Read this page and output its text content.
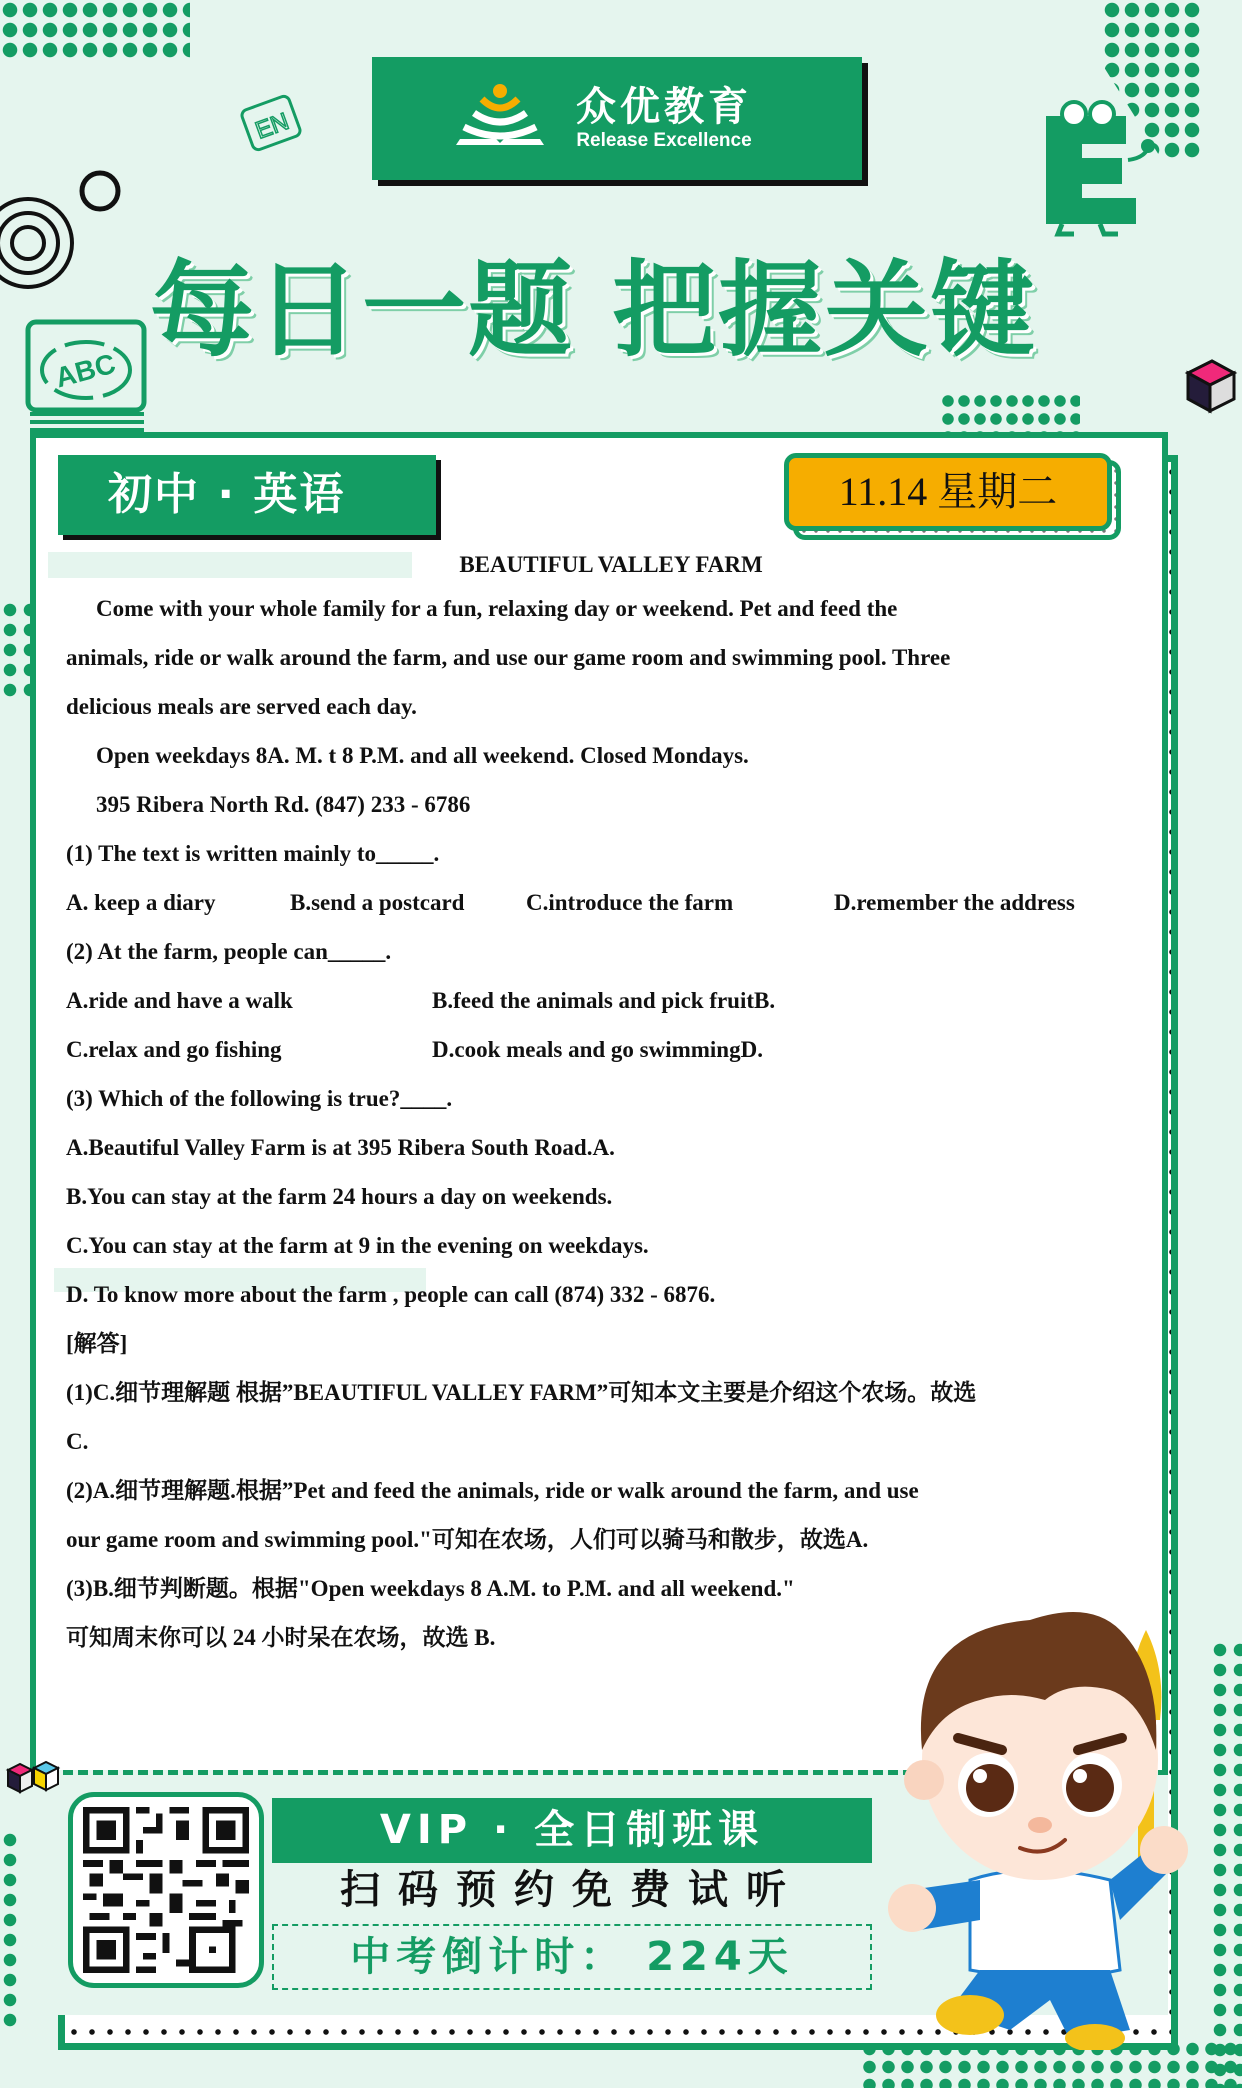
EN
ABC
众优教育
Release Excellence
每日一题 把握关键
初中 · 英语	11.14 星期二
BEAUTIFUL VALLEY FARM
Come with your whole family for a fun, relaxing day or weekend. Pet and feed the
animals, ride or walk around the farm, and use our game room and swimming pool. Three
delicious meals are served each day.
Open weekdays 8A. M. t 8 P.M. and all weekend. Closed Mondays.
395 Ribera North Rd. (847) 233 - 6786
(1) The text is written mainly to_____.
A. keep a diary	B.send a postcard	C.introduce the farm	D.remember the address
(2) At the farm, people can_____.
A.ride and have a walk	B.feed the animals and pick fruitB.
C.relax and go fishing	D.cook meals and go swimmingD.
(3) Which of the following is true?____.
A.Beautiful Valley Farm is at 395 Ribera South Road.A.
B.You can stay at the farm 24 hours a day on weekends.
C.You can stay at the farm at 9 in the evening on weekdays.
D. To know more about the farm , people can call (874) 332 - 6876.
[解答]
(1)C.细节理解题 根据”BEAUTIFUL VALLEY FARM”可知本文主要是介绍这个农场。故选
C.
(2)A.细节理解题.根据”Pet and feed the animals, ride or walk around the farm, and use
our game room and swimming pool."可知在农场，人们可以骑马和散步，故选A.
(3)B.细节判断题。根据"Open weekdays 8 A.M. to P.M. and all weekend."
可知周末你可以 24 小时呆在农场，故选 B.
VIP · 全日制班课
扫码预约免费试听
中考倒计时： 224天
